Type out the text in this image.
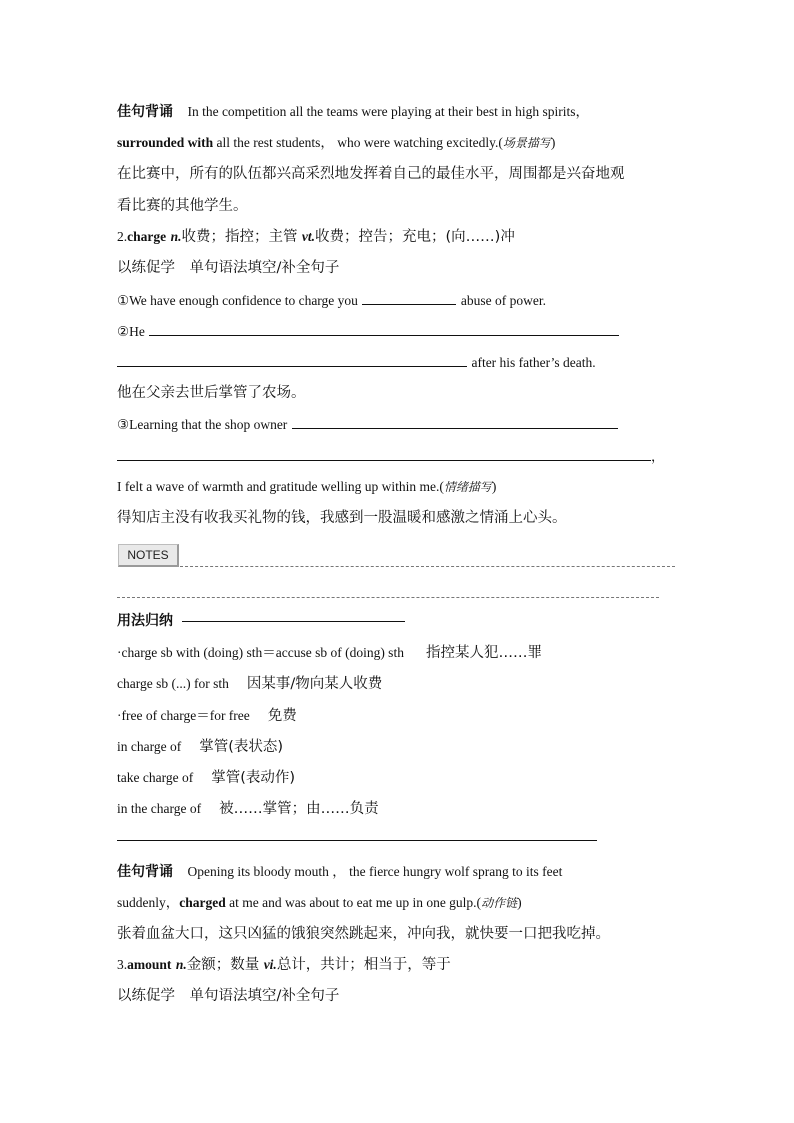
佳句背诵 In the competition all the teams were playing at their best in high spirits，
surrounded with all the rest students， who were watching excitedly.(场景描写)
在比赛中，所有的队伍都兴高采烈地发挥着自己的最佳水平，周围都是兴奋地观
看比赛的其他学生。
2.charge n.收费；指控；主管 vt.收费；控告；充电；(向……)冲
以练促学　单句语法填空/补全句子
①We have enough confidence to charge you	abuse of power.
②He
after his father’s death.
他在父亲去世后掌管了农场。
③Learning that the shop owner
，
I felt a wave of warmth and gratitude welling up within me.(情绪描写)
得知店主没有收我买礼物的钱，我感到一股温暖和感激之情涌上心头。
NOTES
用法归纳
·charge sb with (doing) sth＝accuse sb of (doing) sth 指控某人犯……罪
charge sb (...) for sth 因某事/物向某人收费
·free of charge＝for free 免费
in charge of 掌管(表状态)
take charge of 掌管(表动作)
in the charge of 被……掌管；由……负责
佳句背诵 Opening its bloody mouth ， the fierce hungry wolf sprang to its feet
suddenly，charged at me and was about to eat me up in one gulp.(动作链)
张着血盆大口，这只凶猛的饿狼突然跳起来，冲向我，就快要一口把我吃掉。
3.amount n.金额；数量 vi.总计，共计；相当于，等于
以练促学　单句语法填空/补全句子
